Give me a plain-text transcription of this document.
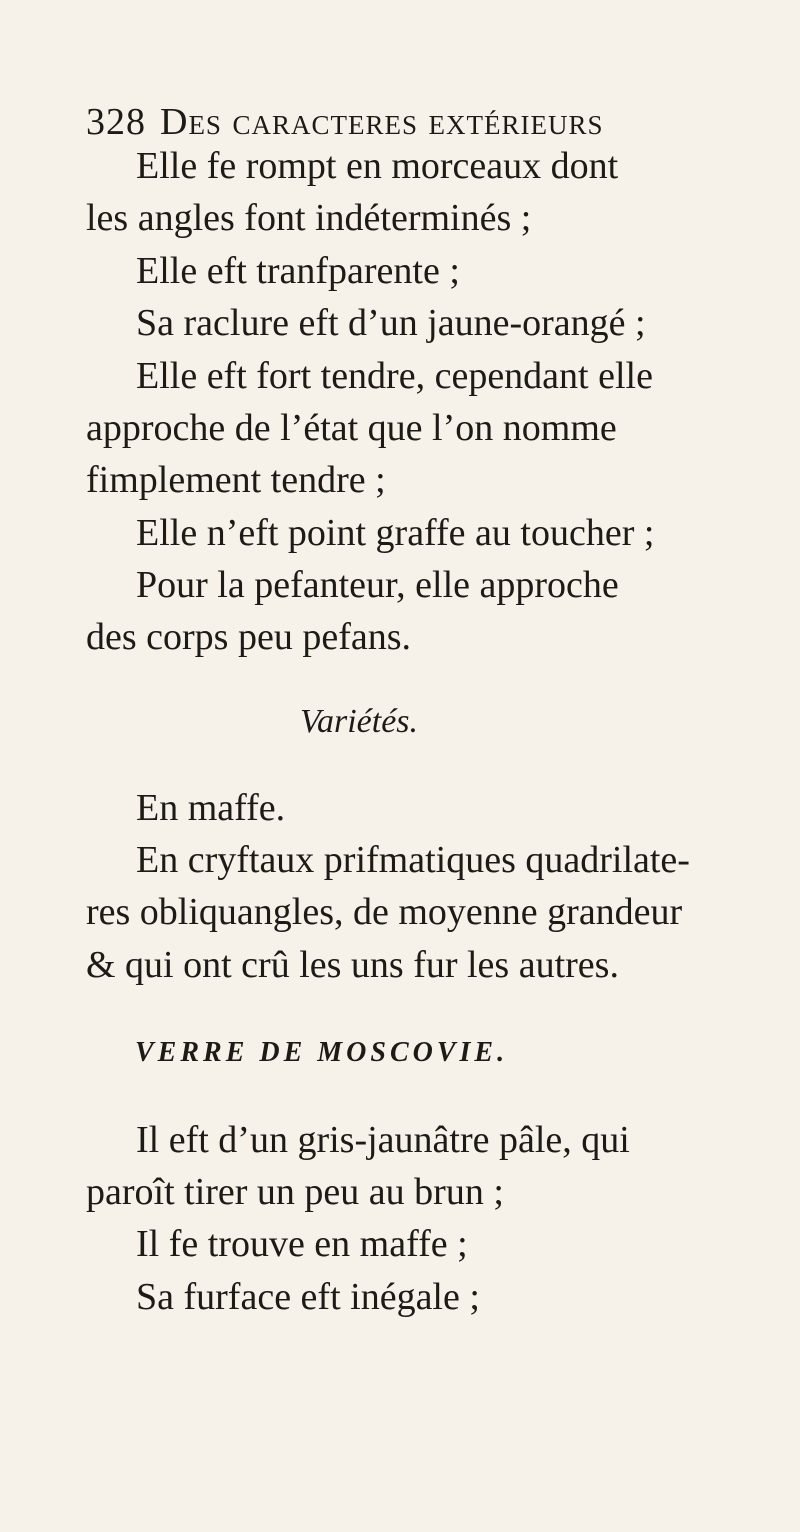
328 Des caracteres extérieurs
Elle fe rompt en morceaux dont
les angles font indéterminés ;
Elle eft tranfparente ;
Sa raclure eft d’un jaune-orangé ;
Elle eft fort tendre, cependant elle
approche de l’état que l’on nomme
fimplement tendre ;
Elle n’eft point graffe au toucher ;
Pour la pefanteur, elle approche
des corps peu pefans.
Variétés.
En maffe.
En cryftaux prifmatiques quadrilate-
res obliquangles, de moyenne grandeur
& qui ont crû les uns fur les autres.
VERRE DE MOSCOVIE.
Il eft d’un gris-jaunâtre pâle, qui
paroît tirer un peu au brun ;
Il fe trouve en maffe ;
Sa furface eft inégale ;
